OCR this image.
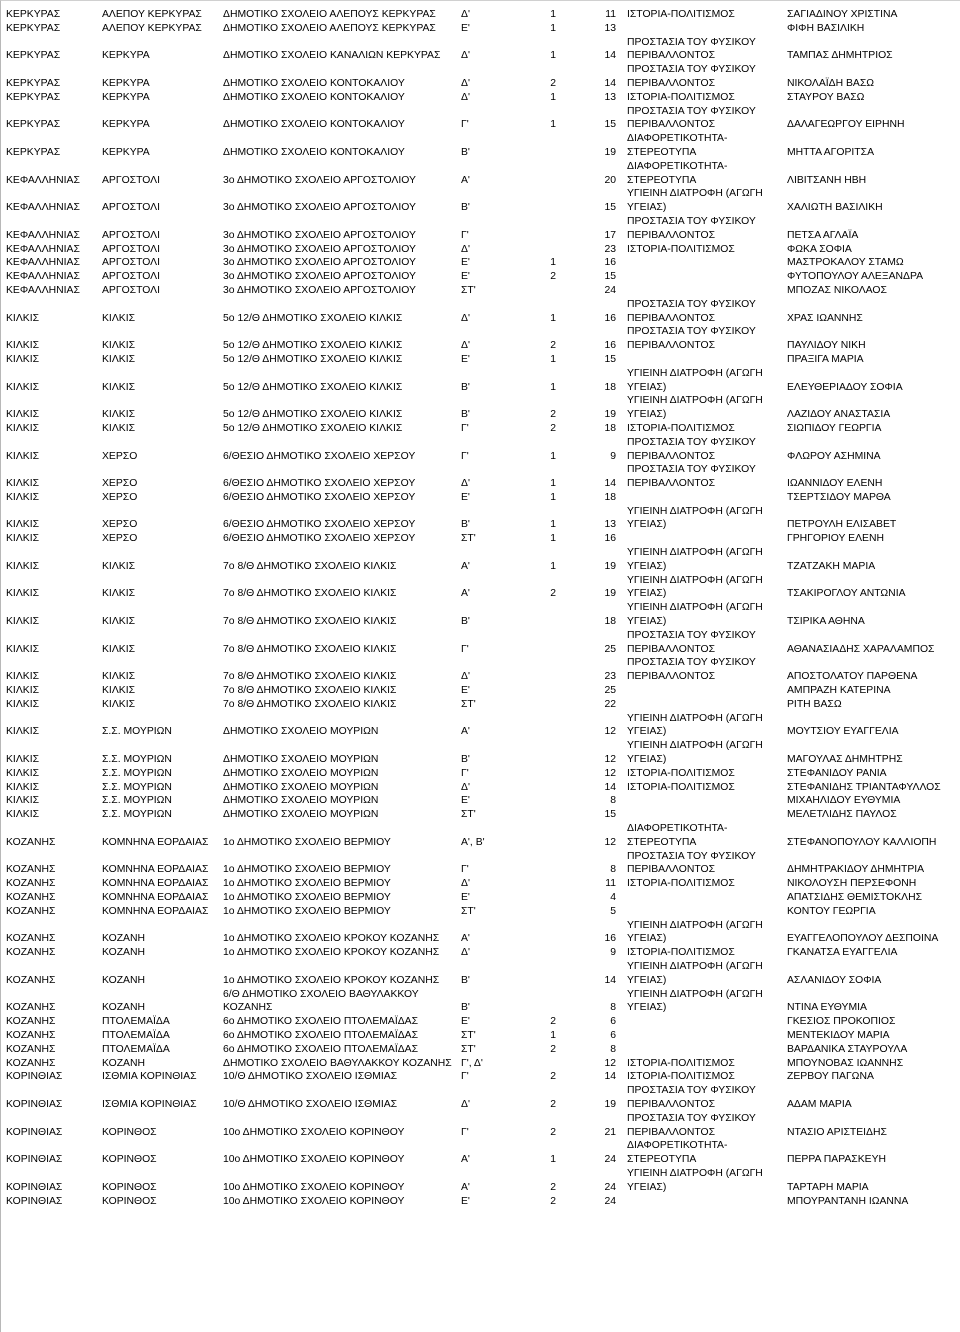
ΚΕΡΚΥΡΑΣ	ΑΛΕΠΟΥ ΚΕΡΚΥΡΑΣ	ΔΗΜΟΤΙΚΟ ΣΧΟΛΕΙΟ ΑΛΕΠΟΥΣ ΚΕΡΚΥΡΑΣ	Δ'	1	11	ΙΣΤΟΡΙΑ-ΠΟΛΙΤΙΣΜΟΣ	ΣΑΓΙΑΔΙΝΟΥ ΧΡΙΣΤΙΝΑ
ΚΕΡΚΥΡΑΣ	ΑΛΕΠΟΥ ΚΕΡΚΥΡΑΣ	ΔΗΜΟΤΙΚΟ ΣΧΟΛΕΙΟ ΑΛΕΠΟΥΣ ΚΕΡΚΥΡΑΣ	Ε'	1	13		ΦΙΦΗ ΒΑΣΙΛΙΚΗ
ΚΕΡΚΥΡΑΣ	ΚΕΡΚΥΡΑ	ΔΗΜΟΤΙΚΟ ΣΧΟΛΕΙΟ ΚΑΝΑΛΙΩΝ ΚΕΡΚΥΡΑΣ	Δ'	1	14	ΠΡΟΣΤΑΣΙΑ ΤΟΥ ΦΥΣΙΚΟΥ ΠΕΡΙΒΑΛΛΟΝΤΟΣ	ΤΑΜΠΑΣ ΔΗΜΗΤΡΙΟΣ
ΚΕΡΚΥΡΑΣ	ΚΕΡΚΥΡΑ	ΔΗΜΟΤΙΚΟ ΣΧΟΛΕΙΟ ΚΟΝΤΟΚΑΛΙΟΥ	Δ'	2	14	ΠΡΟΣΤΑΣΙΑ ΤΟΥ ΦΥΣΙΚΟΥ ΠΕΡΙΒΑΛΛΟΝΤΟΣ	ΝΙΚΟΛΑΪΔΗ ΒΑΣΩ
ΚΕΡΚΥΡΑΣ	ΚΕΡΚΥΡΑ	ΔΗΜΟΤΙΚΟ ΣΧΟΛΕΙΟ ΚΟΝΤΟΚΑΛΙΟΥ	Δ'	1	13	ΙΣΤΟΡΙΑ-ΠΟΛΙΤΙΣΜΟΣ	ΣΤΑΥΡΟΥ ΒΑΣΩ
ΚΕΡΚΥΡΑΣ	ΚΕΡΚΥΡΑ	ΔΗΜΟΤΙΚΟ ΣΧΟΛΕΙΟ ΚΟΝΤΟΚΑΛΙΟΥ	Γ'	1	15	ΠΡΟΣΤΑΣΙΑ ΤΟΥ ΦΥΣΙΚΟΥ ΠΕΡΙΒΑΛΛΟΝΤΟΣ	ΔΑΛΑΓΕΩΡΓΟΥ ΕΙΡΗΝΗ
ΚΕΡΚΥΡΑΣ	ΚΕΡΚΥΡΑ	ΔΗΜΟΤΙΚΟ ΣΧΟΛΕΙΟ ΚΟΝΤΟΚΑΛΙΟΥ	Β'		19	ΔΙΑΦΟΡΕΤΙΚΟΤΗΤΑ-ΣΤΕΡΕΟΤΥΠΑ	ΜΗΤΤΑ ΑΓΟΡΙΤΣΑ
ΚΕΦΑΛΛΗΝΙΑΣ	ΑΡΓΟΣΤΟΛΙ	3ο ΔΗΜΟΤΙΚΟ ΣΧΟΛΕΙΟ ΑΡΓΟΣΤΟΛΙΟΥ	Α'		20	ΔΙΑΦΟΡΕΤΙΚΟΤΗΤΑ-ΣΤΕΡΕΟΤΥΠΑ	ΛΙΒΙΤΣΑΝΗ ΗΒΗ
ΚΕΦΑΛΛΗΝΙΑΣ	ΑΡΓΟΣΤΟΛΙ	3ο ΔΗΜΟΤΙΚΟ ΣΧΟΛΕΙΟ ΑΡΓΟΣΤΟΛΙΟΥ	Β'		15	ΥΓΙΕΙΝΗ ΔΙΑΤΡΟΦΗ (ΑΓΩΓΗ ΥΓΕΙΑΣ)	ΧΑΛΙΩΤΗ ΒΑΣΙΛΙΚΗ
ΚΕΦΑΛΛΗΝΙΑΣ	ΑΡΓΟΣΤΟΛΙ	3ο ΔΗΜΟΤΙΚΟ ΣΧΟΛΕΙΟ ΑΡΓΟΣΤΟΛΙΟΥ	Γ'		17	ΠΡΟΣΤΑΣΙΑ ΤΟΥ ΦΥΣΙΚΟΥ ΠΕΡΙΒΑΛΛΟΝΤΟΣ	ΠΕΤΣΑ ΑΓΛΑΪΑ
ΚΕΦΑΛΛΗΝΙΑΣ	ΑΡΓΟΣΤΟΛΙ	3ο ΔΗΜΟΤΙΚΟ ΣΧΟΛΕΙΟ ΑΡΓΟΣΤΟΛΙΟΥ	Δ'		23	ΙΣΤΟΡΙΑ-ΠΟΛΙΤΙΣΜΟΣ	ΦΩΚΑ ΣΟΦΙΑ
ΚΕΦΑΛΛΗΝΙΑΣ	ΑΡΓΟΣΤΟΛΙ	3ο ΔΗΜΟΤΙΚΟ ΣΧΟΛΕΙΟ ΑΡΓΟΣΤΟΛΙΟΥ	Ε'	1	16		ΜΑΣΤΡΟΚΑΛΟΥ ΣΤΑΜΩ
ΚΕΦΑΛΛΗΝΙΑΣ	ΑΡΓΟΣΤΟΛΙ	3ο ΔΗΜΟΤΙΚΟ ΣΧΟΛΕΙΟ ΑΡΓΟΣΤΟΛΙΟΥ	Ε'	2	15		ΦΥΤΟΠΟΥΛΟΥ ΑΛΕΞΑΝΔΡΑ
ΚΕΦΑΛΛΗΝΙΑΣ	ΑΡΓΟΣΤΟΛΙ	3ο ΔΗΜΟΤΙΚΟ ΣΧΟΛΕΙΟ ΑΡΓΟΣΤΟΛΙΟΥ	ΣΤ'		24		ΜΠΟΖΑΣ ΝΙΚΟΛΑΟΣ
ΚΙΛΚΙΣ	ΚΙΛΚΙΣ	5ο 12/Θ ΔΗΜΟΤΙΚΟ ΣΧΟΛΕΙΟ ΚΙΛΚΙΣ	Δ'	1	16	ΠΡΟΣΤΑΣΙΑ ΤΟΥ ΦΥΣΙΚΟΥ ΠΕΡΙΒΑΛΛΟΝΤΟΣ	ΧΡΑΣ ΙΩΑΝΝΗΣ
ΚΙΛΚΙΣ	ΚΙΛΚΙΣ	5ο 12/Θ ΔΗΜΟΤΙΚΟ ΣΧΟΛΕΙΟ ΚΙΛΚΙΣ	Δ'	2	16	ΠΡΟΣΤΑΣΙΑ ΤΟΥ ΦΥΣΙΚΟΥ ΠΕΡΙΒΑΛΛΟΝΤΟΣ	ΠΑΥΛΙΔΟΥ ΝΙΚΗ
ΚΙΛΚΙΣ	ΚΙΛΚΙΣ	5ο 12/Θ ΔΗΜΟΤΙΚΟ ΣΧΟΛΕΙΟ ΚΙΛΚΙΣ	Ε'	1	15		ΠΡΑΞΙΓΑ ΜΑΡΙΑ
ΚΙΛΚΙΣ	ΚΙΛΚΙΣ	5ο 12/Θ ΔΗΜΟΤΙΚΟ ΣΧΟΛΕΙΟ ΚΙΛΚΙΣ	Β'	1	18	ΥΓΙΕΙΝΗ ΔΙΑΤΡΟΦΗ (ΑΓΩΓΗ ΥΓΕΙΑΣ)	ΕΛΕΥΘΕΡΙΑΔΟΥ ΣΟΦΙΑ
ΚΙΛΚΙΣ	ΚΙΛΚΙΣ	5ο 12/Θ ΔΗΜΟΤΙΚΟ ΣΧΟΛΕΙΟ ΚΙΛΚΙΣ	Β'	2	19	ΥΓΙΕΙΝΗ ΔΙΑΤΡΟΦΗ (ΑΓΩΓΗ ΥΓΕΙΑΣ)	ΛΑΖΙΔΟΥ ΑΝΑΣΤΑΣΙΑ
ΚΙΛΚΙΣ	ΚΙΛΚΙΣ	5ο 12/Θ ΔΗΜΟΤΙΚΟ ΣΧΟΛΕΙΟ ΚΙΛΚΙΣ	Γ'	2	18	ΙΣΤΟΡΙΑ-ΠΟΛΙΤΙΣΜΟΣ	ΣΙΩΠΙΔΟΥ ΓΕΩΡΓΙΑ
ΚΙΛΚΙΣ	ΧΕΡΣΟ	6/ΘΕΣΙΟ ΔΗΜΟΤΙΚΟ ΣΧΟΛΕΙΟ ΧΕΡΣΟΥ	Γ'	1	9	ΠΡΟΣΤΑΣΙΑ ΤΟΥ ΦΥΣΙΚΟΥ ΠΕΡΙΒΑΛΛΟΝΤΟΣ	ΦΛΩΡΟΥ ΑΣΗΜΙΝΑ
ΚΙΛΚΙΣ	ΧΕΡΣΟ	6/ΘΕΣΙΟ ΔΗΜΟΤΙΚΟ ΣΧΟΛΕΙΟ ΧΕΡΣΟΥ	Δ'	1	14	ΠΡΟΣΤΑΣΙΑ ΤΟΥ ΦΥΣΙΚΟΥ ΠΕΡΙΒΑΛΛΟΝΤΟΣ	ΙΩΑΝΝΙΔΟΥ ΕΛΕΝΗ
ΚΙΛΚΙΣ	ΧΕΡΣΟ	6/ΘΕΣΙΟ ΔΗΜΟΤΙΚΟ ΣΧΟΛΕΙΟ ΧΕΡΣΟΥ	Ε'	1	18		ΤΣΕΡΤΣΙΔΟΥ ΜΑΡΘΑ
ΚΙΛΚΙΣ	ΧΕΡΣΟ	6/ΘΕΣΙΟ ΔΗΜΟΤΙΚΟ ΣΧΟΛΕΙΟ ΧΕΡΣΟΥ	Β'	1	13	ΥΓΙΕΙΝΗ ΔΙΑΤΡΟΦΗ (ΑΓΩΓΗ ΥΓΕΙΑΣ)	ΠΕΤΡΟΥΛΗ ΕΛΙΣΑΒΕΤ
ΚΙΛΚΙΣ	ΧΕΡΣΟ	6/ΘΕΣΙΟ ΔΗΜΟΤΙΚΟ ΣΧΟΛΕΙΟ ΧΕΡΣΟΥ	ΣΤ'	1	16		ΓΡΗΓΟΡΙΟΥ ΕΛΕΝΗ
ΚΙΛΚΙΣ	ΚΙΛΚΙΣ	7ο 8/Θ ΔΗΜΟΤΙΚΟ ΣΧΟΛΕΙΟ ΚΙΛΚΙΣ	Α'	1	19	ΥΓΙΕΙΝΗ ΔΙΑΤΡΟΦΗ (ΑΓΩΓΗ ΥΓΕΙΑΣ)	ΤΖΑΤΖΑΚΗ ΜΑΡΙΑ
ΚΙΛΚΙΣ	ΚΙΛΚΙΣ	7ο 8/Θ ΔΗΜΟΤΙΚΟ ΣΧΟΛΕΙΟ ΚΙΛΚΙΣ	Α'	2	19	ΥΓΙΕΙΝΗ ΔΙΑΤΡΟΦΗ (ΑΓΩΓΗ ΥΓΕΙΑΣ)	ΤΣΑΚΙΡΟΓΛΟΥ ΑΝΤΩΝΙΑ
ΚΙΛΚΙΣ	ΚΙΛΚΙΣ	7ο 8/Θ ΔΗΜΟΤΙΚΟ ΣΧΟΛΕΙΟ ΚΙΛΚΙΣ	Β'		18	ΥΓΙΕΙΝΗ ΔΙΑΤΡΟΦΗ (ΑΓΩΓΗ ΥΓΕΙΑΣ)	ΤΣΙΡΙΚΑ ΑΘΗΝΑ
ΚΙΛΚΙΣ	ΚΙΛΚΙΣ	7ο 8/Θ ΔΗΜΟΤΙΚΟ ΣΧΟΛΕΙΟ ΚΙΛΚΙΣ	Γ'		25	ΠΡΟΣΤΑΣΙΑ ΤΟΥ ΦΥΣΙΚΟΥ ΠΕΡΙΒΑΛΛΟΝΤΟΣ	ΑΘΑΝΑΣΙΑΔΗΣ ΧΑΡΑΛΑΜΠΟΣ
ΚΙΛΚΙΣ	ΚΙΛΚΙΣ	7ο 8/Θ ΔΗΜΟΤΙΚΟ ΣΧΟΛΕΙΟ ΚΙΛΚΙΣ	Δ'		23	ΠΡΟΣΤΑΣΙΑ ΤΟΥ ΦΥΣΙΚΟΥ ΠΕΡΙΒΑΛΛΟΝΤΟΣ	ΑΠΟΣΤΟΛΑΤΟΥ ΠΑΡΘΕΝΑ
ΚΙΛΚΙΣ	ΚΙΛΚΙΣ	7ο 8/Θ ΔΗΜΟΤΙΚΟ ΣΧΟΛΕΙΟ ΚΙΛΚΙΣ	Ε'		25		ΑΜΠΡΑΖΗ ΚΑΤΕΡΙΝΑ
ΚΙΛΚΙΣ	ΚΙΛΚΙΣ	7ο 8/Θ ΔΗΜΟΤΙΚΟ ΣΧΟΛΕΙΟ ΚΙΛΚΙΣ	ΣΤ'		22		ΡΙΤΗ ΒΑΣΩ
ΚΙΛΚΙΣ	Σ.Σ. ΜΟΥΡΙΩΝ	ΔΗΜΟΤΙΚΟ ΣΧΟΛΕΙΟ ΜΟΥΡΙΩΝ	Α'		12	ΥΓΙΕΙΝΗ ΔΙΑΤΡΟΦΗ (ΑΓΩΓΗ ΥΓΕΙΑΣ)	ΜΟΥΤΣΙΟΥ ΕΥΑΓΓΕΛΙΑ
ΚΙΛΚΙΣ	Σ.Σ. ΜΟΥΡΙΩΝ	ΔΗΜΟΤΙΚΟ ΣΧΟΛΕΙΟ ΜΟΥΡΙΩΝ	Β'		12	ΥΓΙΕΙΝΗ ΔΙΑΤΡΟΦΗ (ΑΓΩΓΗ ΥΓΕΙΑΣ)	ΜΑΓΟΥΛΑΣ ΔΗΜΗΤΡΗΣ
ΚΙΛΚΙΣ	Σ.Σ. ΜΟΥΡΙΩΝ	ΔΗΜΟΤΙΚΟ ΣΧΟΛΕΙΟ ΜΟΥΡΙΩΝ	Γ'		12	ΙΣΤΟΡΙΑ-ΠΟΛΙΤΙΣΜΟΣ	ΣΤΕΦΑΝΙΔΟΥ ΡΑΝΙΑ
ΚΙΛΚΙΣ	Σ.Σ. ΜΟΥΡΙΩΝ	ΔΗΜΟΤΙΚΟ ΣΧΟΛΕΙΟ ΜΟΥΡΙΩΝ	Δ'		14	ΙΣΤΟΡΙΑ-ΠΟΛΙΤΙΣΜΟΣ	ΣΤΕΦΑΝΙΔΗΣ ΤΡΙΑΝΤΑΦΥΛΛΟΣ
ΚΙΛΚΙΣ	Σ.Σ. ΜΟΥΡΙΩΝ	ΔΗΜΟΤΙΚΟ ΣΧΟΛΕΙΟ ΜΟΥΡΙΩΝ	Ε'		8		ΜΙΧΑΗΛΙΔΟΥ ΕΥΘΥΜΙΑ
ΚΙΛΚΙΣ	Σ.Σ. ΜΟΥΡΙΩΝ	ΔΗΜΟΤΙΚΟ ΣΧΟΛΕΙΟ ΜΟΥΡΙΩΝ	ΣΤ'		15		ΜΕΛΕΤΛΙΔΗΣ ΠΑΥΛΟΣ
ΚΟΖΑΝΗΣ	ΚΟΜΝΗΝΑ ΕΟΡΔΑΙΑΣ	1ο ΔΗΜΟΤΙΚΟ ΣΧΟΛΕΙΟ ΒΕΡΜΙΟΥ	Α', Β'		12	ΔΙΑΦΟΡΕΤΙΚΟΤΗΤΑ-ΣΤΕΡΕΟΤΥΠΑ	ΣΤΕΦΑΝΟΠΟΥΛΟΥ ΚΑΛΛΙΟΠΗ
ΚΟΖΑΝΗΣ	ΚΟΜΝΗΝΑ ΕΟΡΔΑΙΑΣ	1ο ΔΗΜΟΤΙΚΟ ΣΧΟΛΕΙΟ ΒΕΡΜΙΟΥ	Γ'		8	ΠΡΟΣΤΑΣΙΑ ΤΟΥ ΦΥΣΙΚΟΥ ΠΕΡΙΒΑΛΛΟΝΤΟΣ	ΔΗΜΗΤΡΑΚΙΔΟΥ ΔΗΜΗΤΡΙΑ
ΚΟΖΑΝΗΣ	ΚΟΜΝΗΝΑ ΕΟΡΔΑΙΑΣ	1ο ΔΗΜΟΤΙΚΟ ΣΧΟΛΕΙΟ ΒΕΡΜΙΟΥ	Δ'		11	ΙΣΤΟΡΙΑ-ΠΟΛΙΤΙΣΜΟΣ	ΝΙΚΟΛΟΥΣΗ ΠΕΡΣΕΦΟΝΗ
ΚΟΖΑΝΗΣ	ΚΟΜΝΗΝΑ ΕΟΡΔΑΙΑΣ	1ο ΔΗΜΟΤΙΚΟ ΣΧΟΛΕΙΟ ΒΕΡΜΙΟΥ	Ε'		4		ΑΠΑΤΣΙΔΗΣ ΘΕΜΙΣΤΟΚΛΗΣ
ΚΟΖΑΝΗΣ	ΚΟΜΝΗΝΑ ΕΟΡΔΑΙΑΣ	1ο ΔΗΜΟΤΙΚΟ ΣΧΟΛΕΙΟ ΒΕΡΜΙΟΥ	ΣΤ'		5		ΚΟΝΤΟΥ ΓΕΩΡΓΙΑ
ΚΟΖΑΝΗΣ	ΚΟΖΑΝΗ	1ο ΔΗΜΟΤΙΚΟ ΣΧΟΛΕΙΟ ΚΡΟΚΟΥ ΚΟΖΑΝΗΣ	Α'		16	ΥΓΙΕΙΝΗ ΔΙΑΤΡΟΦΗ (ΑΓΩΓΗ ΥΓΕΙΑΣ)	ΕΥΑΓΓΕΛΟΠΟΥΛΟΥ ΔΕΣΠΟΙΝΑ
ΚΟΖΑΝΗΣ	ΚΟΖΑΝΗ	1ο ΔΗΜΟΤΙΚΟ ΣΧΟΛΕΙΟ ΚΡΟΚΟΥ ΚΟΖΑΝΗΣ	Δ'		9	ΙΣΤΟΡΙΑ-ΠΟΛΙΤΙΣΜΟΣ	ΓΚΑΝΑΤΣΑ ΕΥΑΓΓΕΛΙΑ
ΚΟΖΑΝΗΣ	ΚΟΖΑΝΗ	1ο ΔΗΜΟΤΙΚΟ ΣΧΟΛΕΙΟ ΚΡΟΚΟΥ ΚΟΖΑΝΗΣ	Β'		14	ΥΓΙΕΙΝΗ ΔΙΑΤΡΟΦΗ (ΑΓΩΓΗ ΥΓΕΙΑΣ)	ΑΣΛΑΝΙΔΟΥ ΣΟΦΙΑ
ΚΟΖΑΝΗΣ	ΚΟΖΑΝΗ	6/Θ ΔΗΜΟΤΙΚΟ ΣΧΟΛΕΙΟ ΒΑΘΥΛΑΚΚΟΥ ΚΟΖΑΝΗΣ	Β'		8	ΥΓΙΕΙΝΗ ΔΙΑΤΡΟΦΗ (ΑΓΩΓΗ ΥΓΕΙΑΣ)	ΝΤΙΝΑ ΕΥΘΥΜΙΑ
ΚΟΖΑΝΗΣ	ΠΤΟΛΕΜΑΪΔΑ	6ο ΔΗΜΟΤΙΚΟ ΣΧΟΛΕΙΟ ΠΤΟΛΕΜΑΪΔΑΣ	Ε'	2	6		ΓΚΕΣΙΟΣ ΠΡΟΚΟΠΙΟΣ
ΚΟΖΑΝΗΣ	ΠΤΟΛΕΜΑΪΔΑ	6ο ΔΗΜΟΤΙΚΟ ΣΧΟΛΕΙΟ ΠΤΟΛΕΜΑΪΔΑΣ	ΣΤ'	1	6		ΜΕΝΤΕΚΙΔΟΥ ΜΑΡΙΑ
ΚΟΖΑΝΗΣ	ΠΤΟΛΕΜΑΪΔΑ	6ο ΔΗΜΟΤΙΚΟ ΣΧΟΛΕΙΟ ΠΤΟΛΕΜΑΪΔΑΣ	ΣΤ'	2	8		ΒΑΡΔΑΝΙΚΑ ΣΤΑΥΡΟΥΛΑ
ΚΟΖΑΝΗΣ	ΚΟΖΑΝΗ	ΔΗΜΟΤΙΚΟ ΣΧΟΛΕΙΟ ΒΑΘΥΛΑΚΚΟΥ ΚΟΖΑΝΗΣ	Γ', Δ'		12	ΙΣΤΟΡΙΑ-ΠΟΛΙΤΙΣΜΟΣ	ΜΠΟΥΝΟΒΑΣ ΙΩΑΝΝΗΣ
ΚΟΡΙΝΘΙΑΣ	ΙΣΘΜΙΑ ΚΟΡΙΝΘΙΑΣ	10/Θ ΔΗΜΟΤΙΚΟ ΣΧΟΛΕΙΟ ΙΣΘΜΙΑΣ	Γ'	2	14	ΙΣΤΟΡΙΑ-ΠΟΛΙΤΙΣΜΟΣ	ΖΕΡΒΟΥ ΠΑΓΩΝΑ
ΚΟΡΙΝΘΙΑΣ	ΙΣΘΜΙΑ ΚΟΡΙΝΘΙΑΣ	10/Θ ΔΗΜΟΤΙΚΟ ΣΧΟΛΕΙΟ ΙΣΘΜΙΑΣ	Δ'	2	19	ΠΡΟΣΤΑΣΙΑ ΤΟΥ ΦΥΣΙΚΟΥ ΠΕΡΙΒΑΛΛΟΝΤΟΣ	ΑΔΑΜ ΜΑΡΙΑ
ΚΟΡΙΝΘΙΑΣ	ΚΟΡΙΝΘΟΣ	10ο ΔΗΜΟΤΙΚΟ ΣΧΟΛΕΙΟ ΚΟΡΙΝΘΟΥ	Γ'	2	21	ΠΡΟΣΤΑΣΙΑ ΤΟΥ ΦΥΣΙΚΟΥ ΠΕΡΙΒΑΛΛΟΝΤΟΣ	ΝΤΑΣΙΟ ΑΡΙΣΤΕΙΔΗΣ
ΚΟΡΙΝΘΙΑΣ	ΚΟΡΙΝΘΟΣ	10ο ΔΗΜΟΤΙΚΟ ΣΧΟΛΕΙΟ ΚΟΡΙΝΘΟΥ	Α'	1	24	ΔΙΑΦΟΡΕΤΙΚΟΤΗΤΑ-ΣΤΕΡΕΟΤΥΠΑ	ΠΕΡΡΑ ΠΑΡΑΣΚΕΥΗ
ΚΟΡΙΝΘΙΑΣ	ΚΟΡΙΝΘΟΣ	10ο ΔΗΜΟΤΙΚΟ ΣΧΟΛΕΙΟ ΚΟΡΙΝΘΟΥ	Α'	2	24	ΥΓΙΕΙΝΗ ΔΙΑΤΡΟΦΗ (ΑΓΩΓΗ ΥΓΕΙΑΣ)	ΤΑΡΤΑΡΗ ΜΑΡΙΑ
ΚΟΡΙΝΘΙΑΣ	ΚΟΡΙΝΘΟΣ	10ο ΔΗΜΟΤΙΚΟ ΣΧΟΛΕΙΟ ΚΟΡΙΝΘΟΥ	Ε'	2	24		ΜΠΟΥΡΑΝΤΑΝΗ ΙΩΑΝΝΑ
